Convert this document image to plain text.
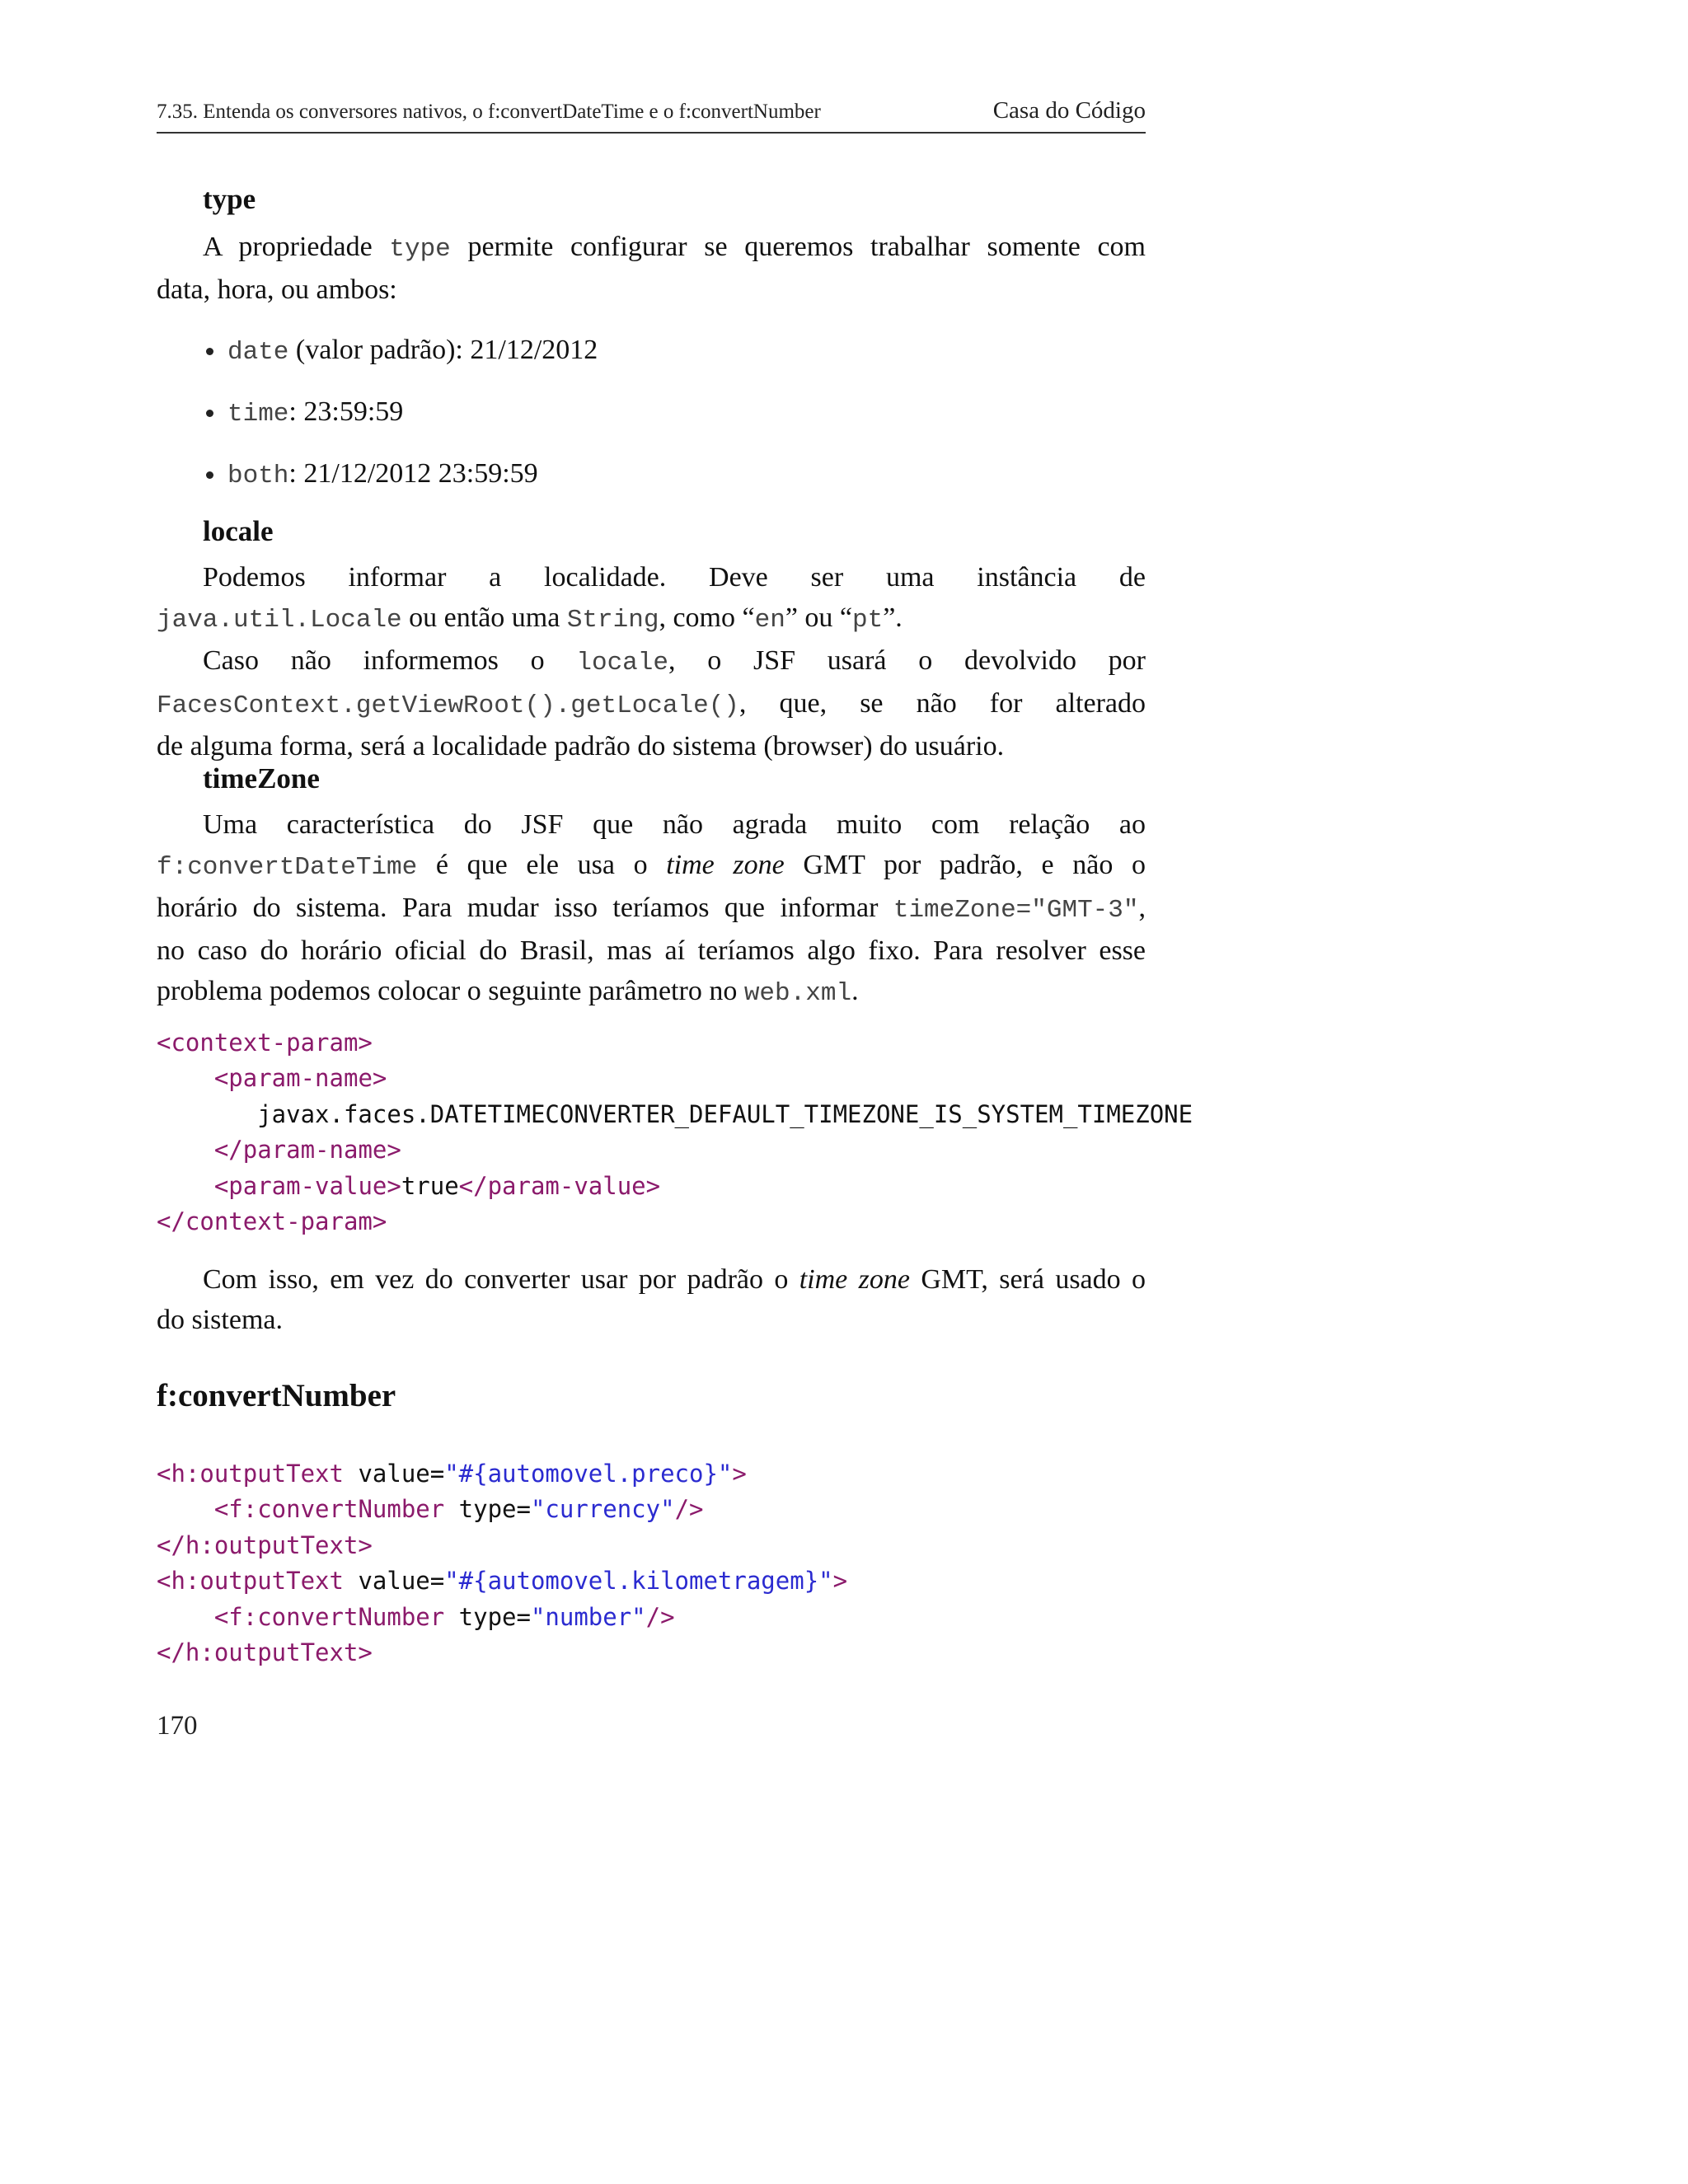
7.35. Entenda os conversores nativos, o f:convertDateTime e o f:convertNumber	Casa do Código
type
A propriedade type permite configurar se queremos trabalhar somente com
data, hora, ou ambos:
date (valor padrão): 21/12/2012
time: 23:59:59
both: 21/12/2012 23:59:59
locale
Podemos informar a localidade. Deve ser uma instância de
java.util.Locale ou então uma String, como “en” ou “pt”.
Caso não informemos o locale, o JSF usará o devolvido por
FacesContext.getViewRoot().getLocale(), que, se não for alterado
de alguma forma, será a localidade padrão do sistema (browser) do usuário.
timeZone
Uma característica do JSF que não agrada muito com relação ao
f:convertDateTime é que ele usa o time zone GMT por padrão, e não o
horário do sistema. Para mudar isso teríamos que informar timeZone="GMT-3",
no caso do horário oficial do Brasil, mas aí teríamos algo fixo. Para resolver esse
problema podemos colocar o seguinte parâmetro no web.xml.
<context-param>
<param-name>
javax.faces.DATETIMECONVERTER_DEFAULT_TIMEZONE_IS_SYSTEM_TIMEZONE
</param-name>
<param-value>true</param-value>
</context-param>
Com isso, em vez do converter usar por padrão o time zone GMT, será usado o
do sistema.
f:convertNumber
<h:outputText value="#{automovel.preco}">
<f:convertNumber type="currency"/>
</h:outputText>
<h:outputText value="#{automovel.kilometragem}">
<f:convertNumber type="number"/>
</h:outputText>
170
